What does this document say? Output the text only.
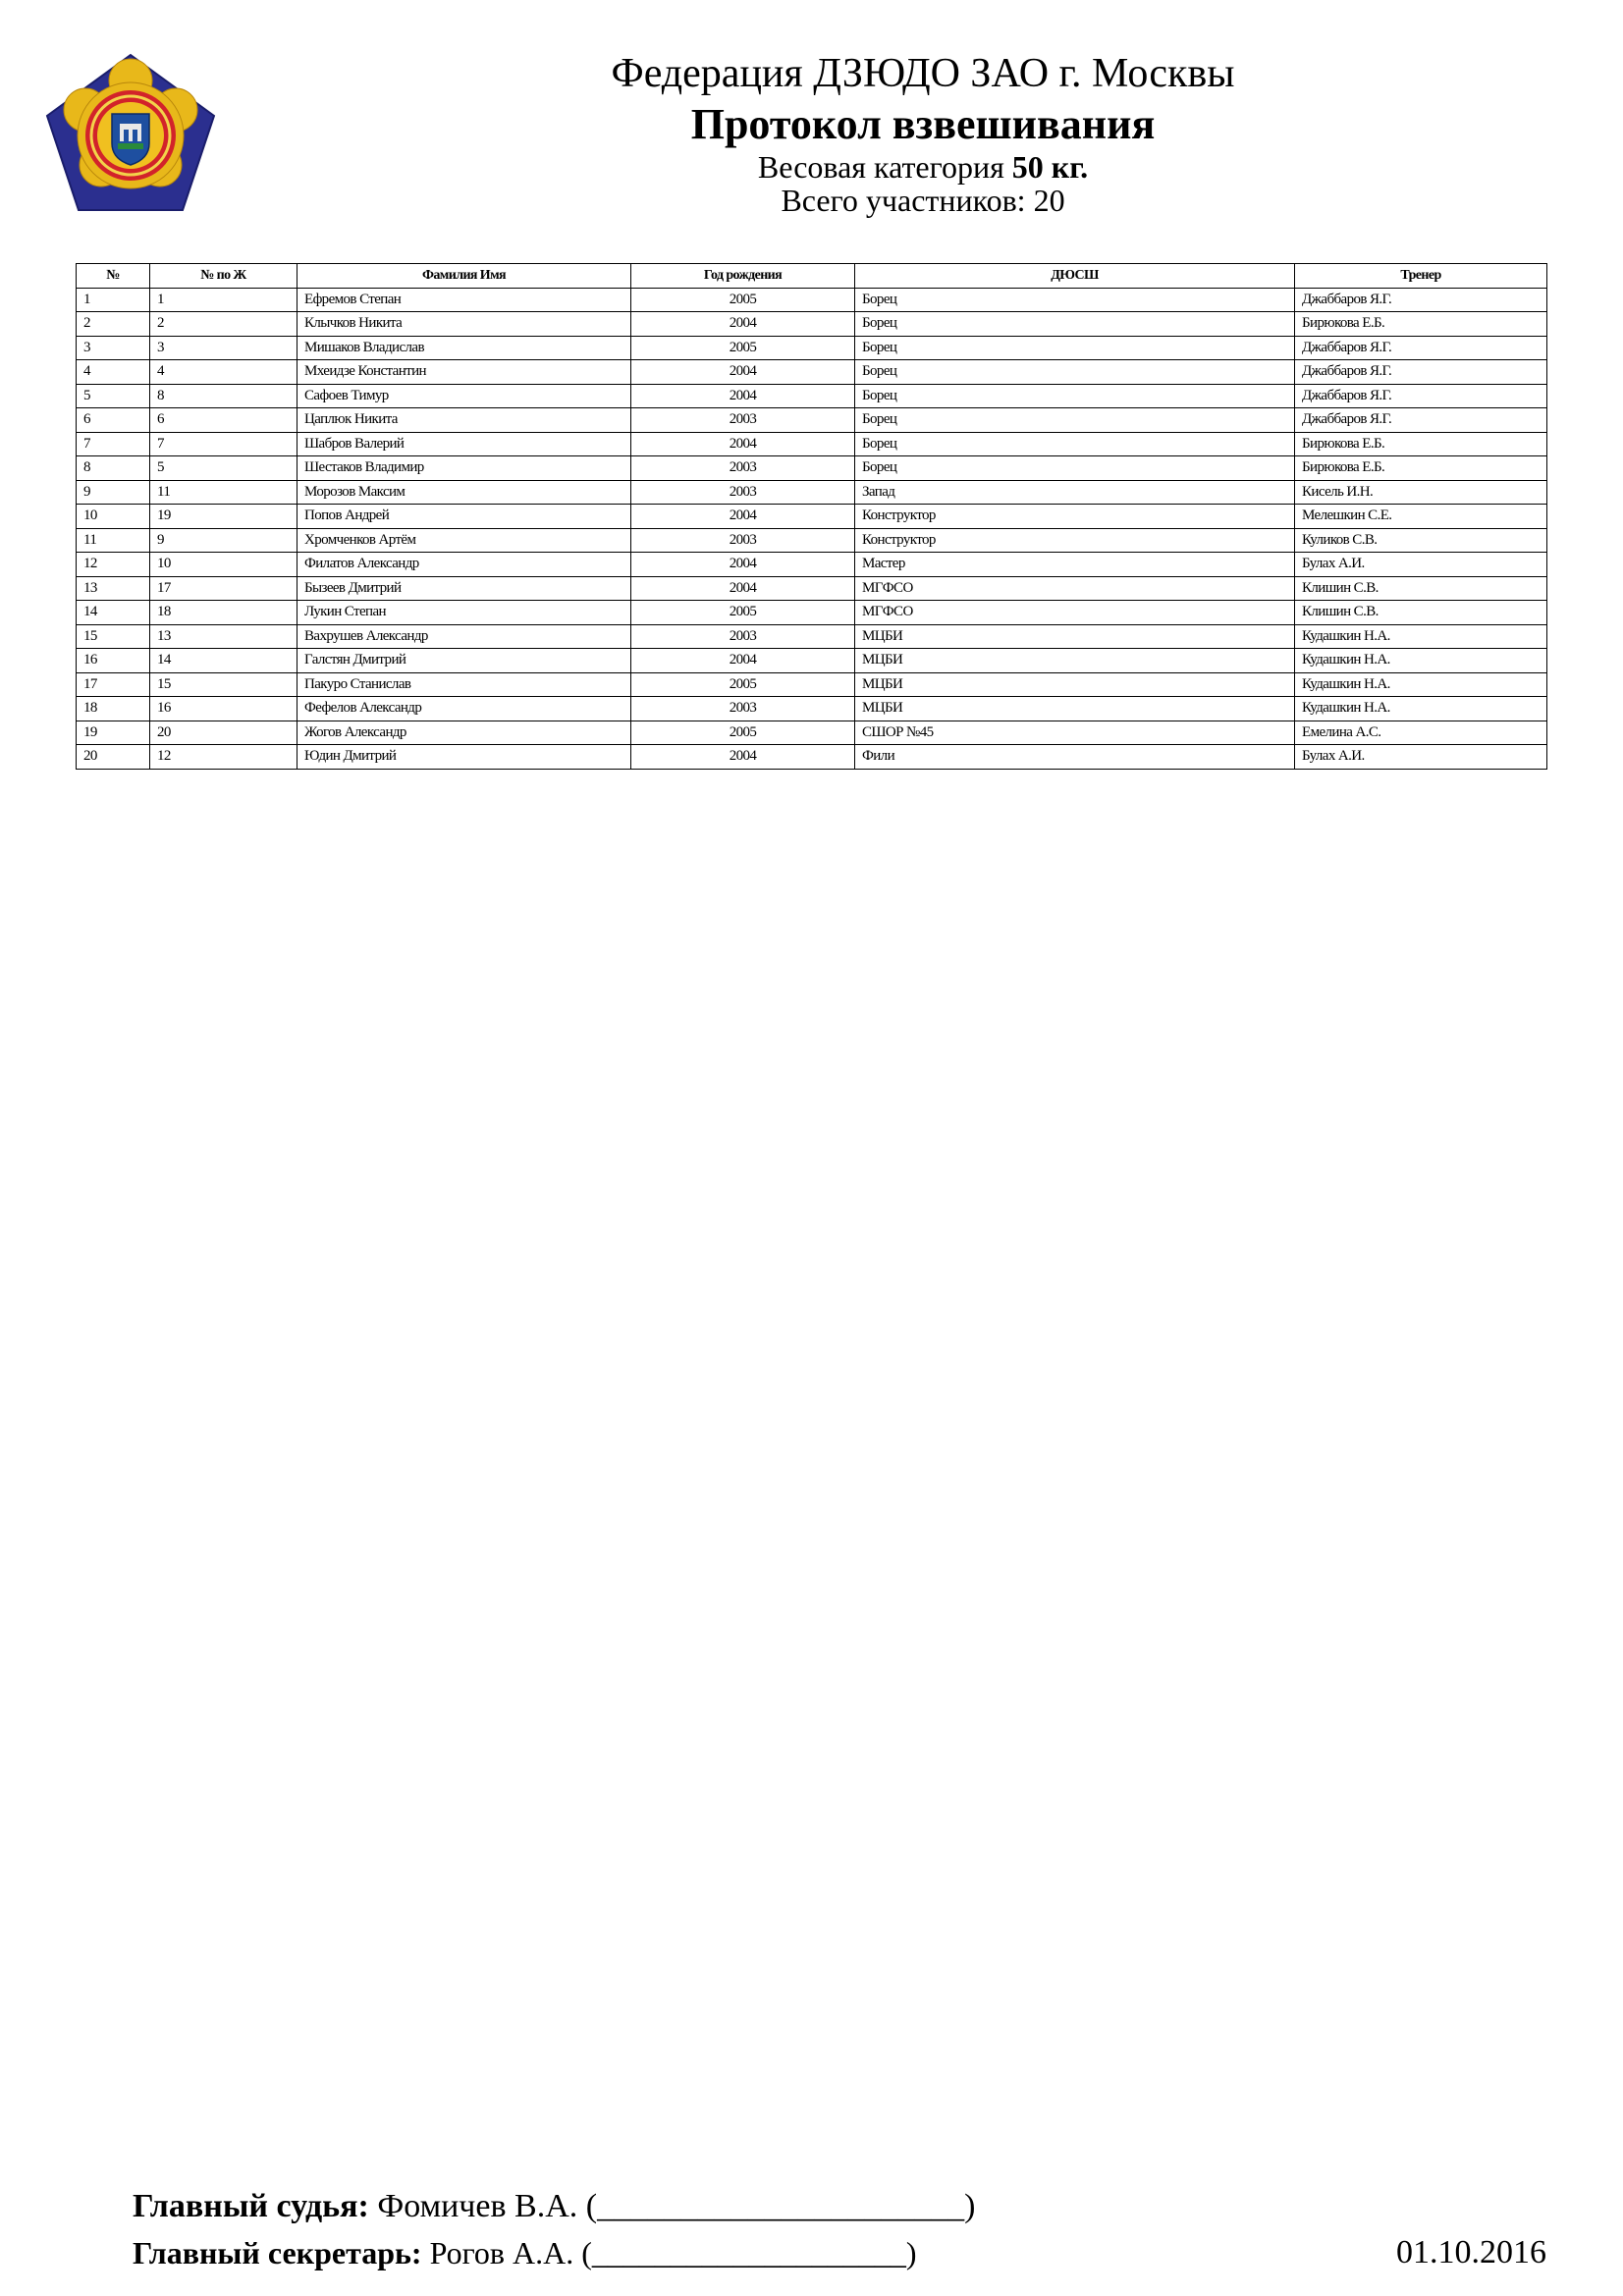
Федерация ДЗЮДО ЗАО г. Москвы
Протокол взвешивания
Весовая категория 50 кг.
Всего участников: 20
№	№ по Ж	Фамилия Имя	Год рождения	ДЮСШ	Тренер
1	1	Ефремов Степан	2005	Борец	Джаббаров Я.Г.
2	2	Клычков Никита	2004	Борец	Бирюкова Е.Б.
3	3	Мишаков Владислав	2005	Борец	Джаббаров Я.Г.
4	4	Мхеидзе Константин	2004	Борец	Джаббаров Я.Г.
5	8	Сафоев Тимур	2004	Борец	Джаббаров Я.Г.
6	6	Цаплюк Никита	2003	Борец	Джаббаров Я.Г.
7	7	Шабров Валерий	2004	Борец	Бирюкова Е.Б.
8	5	Шестаков Владимир	2003	Борец	Бирюкова Е.Б.
9	11	Морозов Максим	2003	Запад	Кисель И.Н.
10	19	Попов Андрей	2004	Конструктор	Мелешкин С.Е.
11	9	Хромченков Артём	2003	Конструктор	Куликов С.В.
12	10	Филатов Александр	2004	Мастер	Булах А.И.
13	17	Бызеев Дмитрий	2004	МГФСО	Клишин С.В.
14	18	Лукин Степан	2005	МГФСО	Клишин С.В.
15	13	Вахрушев Александр	2003	МЦБИ	Кудашкин Н.А.
16	14	Галстян Дмитрий	2004	МЦБИ	Кудашкин Н.А.
17	15	Пакуро Станислав	2005	МЦБИ	Кудашкин Н.А.
18	16	Фефелов Александр	2003	МЦБИ	Кудашкин Н.А.
19	20	Жогов Александр	2005	СШОР №45	Емелина А.С.
20	12	Юдин Дмитрий	2004	Фили	Булах А.И.
Главный судья: Фомичев В.А. (______________________)
Главный секретарь: Рогов А.А. (____________________)	01.10.2016
